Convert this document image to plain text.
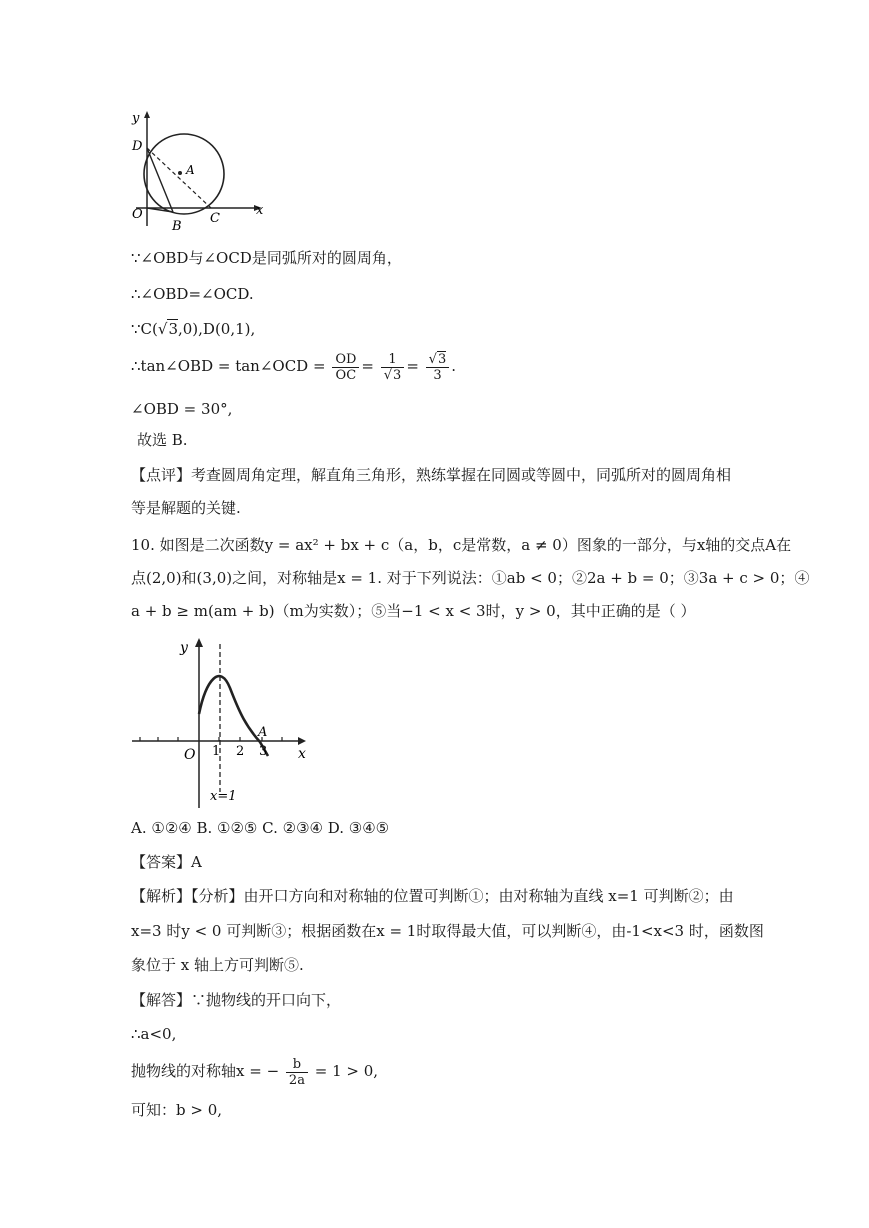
y
D
A
O
B
C
x
∵∠OBD与∠OCD是同弧所对的圆周角，
∴∠OBD=∠OCD.
∵C(√3,0),D(0,1),
∴tan∠OBD = tan∠OCD = $\frac{OD}{OC} = \frac{1}{√3} = \frac{√3}{3}$ .
∠OBD = 30°,
故选 B.
【点评】考查圆周角定理，解直角三角形，熟练掌握在同圆或等圆中，同弧所对的圆周角相
等是解题的关键.
10. 如图是二次函数y = ax² + bx + c（a，b，c是常数，a ≠ 0）图象的一部分，与x轴的交点A在
点(2,0)和(3,0)之间，对称轴是x = 1. 对于下列说法：①ab < 0；②2a + b = 0；③3a + c > 0；④
a + b ≥ m(am + b)（m为实数）；⑤当−1 < x < 3时，y > 0，其中正确的是（ ）
y
O 1 2 3
A
x
x=1
A. ①②④ B. ①②⑤ C. ②③④ D. ③④⑤
【答案】A
【解析】【分析】由开口方向和对称轴的位置可判断①；由对称轴为直线 x=1 可判断②；由
x=3 时y < 0 可判断③；根据函数在x = 1时取得最大值，可以判断④，由-1<x<3 时，函数图
象位于 x 轴上方可判断⑤.
【解答】∵抛物线的开口向下，
∴a<0,
抛物线的对称轴x = − $\frac{b}{2a} = 1 > 0$,
可知：b > 0,
